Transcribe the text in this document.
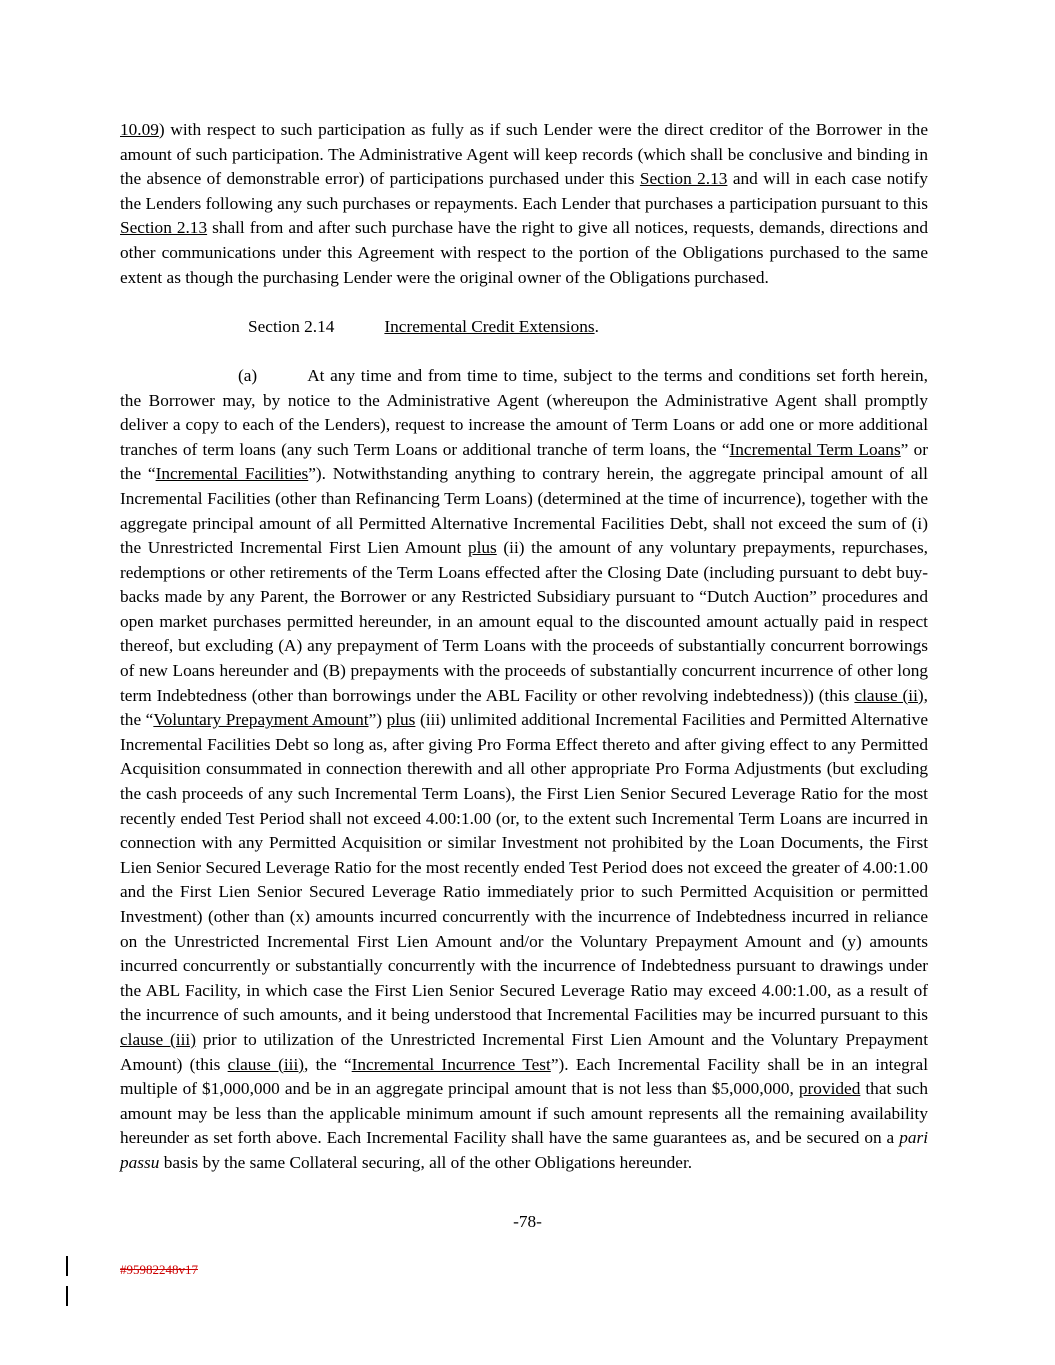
10.09) with respect to such participation as fully as if such Lender were the direct creditor of the Borrower in the amount of such participation. The Administrative Agent will keep records (which shall be conclusive and binding in the absence of demonstrable error) of participations purchased under this Section 2.13 and will in each case notify the Lenders following any such purchases or repayments. Each Lender that purchases a participation pursuant to this Section 2.13 shall from and after such purchase have the right to give all notices, requests, demands, directions and other communications under this Agreement with respect to the portion of the Obligations purchased to the same extent as though the purchasing Lender were the original owner of the Obligations purchased.

Section 2.14	Incremental Credit Extensions.

(a)	At any time and from time to time, subject to the terms and conditions set forth herein, the Borrower may, by notice to the Administrative Agent (whereupon the Administrative Agent shall promptly deliver a copy to each of the Lenders), request to increase the amount of Term Loans or add one or more additional tranches of term loans (any such Term Loans or additional tranche of term loans, the “Incremental Term Loans” or the “Incremental Facilities”). Notwithstanding anything to contrary herein, the aggregate principal amount of all Incremental Facilities (other than Refinancing Term Loans) (determined at the time of incurrence), together with the aggregate principal amount of all Permitted Alternative Incremental Facilities Debt, shall not exceed the sum of (i) the Unrestricted Incremental First Lien Amount plus (ii) the amount of any voluntary prepayments, repurchases, redemptions or other retirements of the Term Loans effected after the Closing Date (including pursuant to debt buy-backs made by any Parent, the Borrower or any Restricted Subsidiary pursuant to “Dutch Auction” procedures and open market purchases permitted hereunder, in an amount equal to the discounted amount actually paid in respect thereof, but excluding (A) any prepayment of Term Loans with the proceeds of substantially concurrent borrowings of new Loans hereunder and (B) prepayments with the proceeds of substantially concurrent incurrence of other long term Indebtedness (other than borrowings under the ABL Facility or other revolving indebtedness)) (this clause (ii), the “Voluntary Prepayment Amount”) plus (iii) unlimited additional Incremental Facilities and Permitted Alternative Incremental Facilities Debt so long as, after giving Pro Forma Effect thereto and after giving effect to any Permitted Acquisition consummated in connection therewith and all other appropriate Pro Forma Adjustments (but excluding the cash proceeds of any such Incremental Term Loans), the First Lien Senior Secured Leverage Ratio for the most recently ended Test Period shall not exceed 4.00:1.00 (or, to the extent such Incremental Term Loans are incurred in connection with any Permitted Acquisition or similar Investment not prohibited by the Loan Documents, the First Lien Senior Secured Leverage Ratio for the most recently ended Test Period does not exceed the greater of 4.00:1.00 and the First Lien Senior Secured Leverage Ratio immediately prior to such Permitted Acquisition or permitted Investment) (other than (x) amounts incurred concurrently with the incurrence of Indebtedness incurred in reliance on the Unrestricted Incremental First Lien Amount and/or the Voluntary Prepayment Amount and (y) amounts incurred concurrently or substantially concurrently with the incurrence of Indebtedness pursuant to drawings under the ABL Facility, in which case the First Lien Senior Secured Leverage Ratio may exceed 4.00:1.00, as a result of the incurrence of such amounts, and it being understood that Incremental Facilities may be incurred pursuant to this clause (iii) prior to utilization of the Unrestricted Incremental First Lien Amount and the Voluntary Prepayment Amount) (this clause (iii), the “Incremental Incurrence Test”). Each Incremental Facility shall be in an integral multiple of $1,000,000 and be in an aggregate principal amount that is not less than $5,000,000, provided that such amount may be less than the applicable minimum amount if such amount represents all the remaining availability hereunder as set forth above. Each Incremental Facility shall have the same guarantees as, and be secured on a pari passu basis by the same Collateral securing, all of the other Obligations hereunder.

-78-
#95982248v17
